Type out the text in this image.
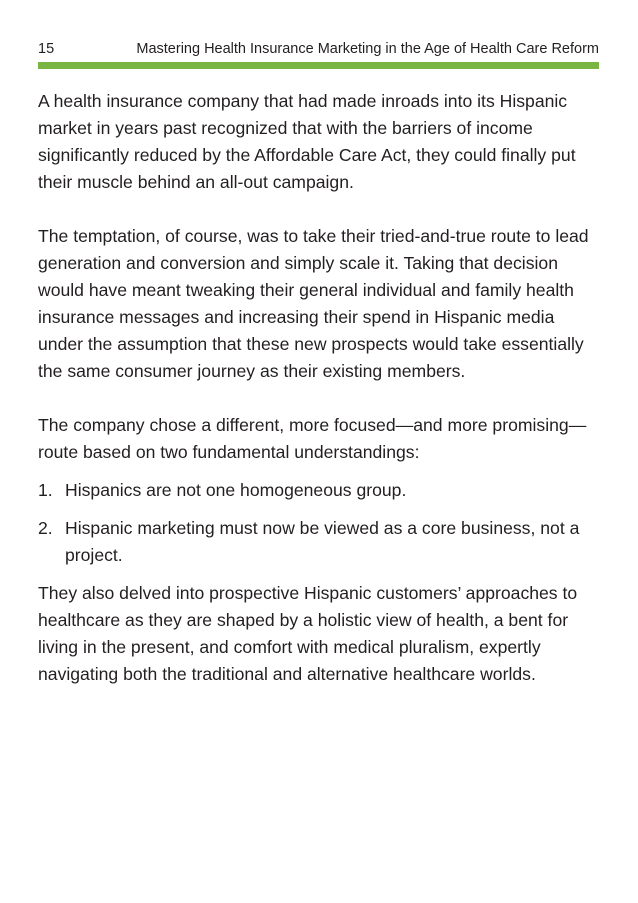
15	Mastering Health Insurance Marketing in the Age of Health Care Reform

A health insurance company that had made inroads into its Hispanic market in years past recognized that with the barriers of income significantly reduced by the Affordable Care Act, they could finally put their muscle behind an all-out campaign.

The temptation, of course, was to take their tried-and-true route to lead generation and conversion and simply scale it. Taking that decision would have meant tweaking their general individual and family health insurance messages and increasing their spend in Hispanic media under the assumption that these new prospects would take essentially the same consumer journey as their existing members.

The company chose a different, more focused—and more promising—route based on two fundamental understandings:

1. Hispanics are not one homogeneous group.
2. Hispanic marketing must now be viewed as a core business, not a project.

They also delved into prospective Hispanic customers’ approaches to healthcare as they are shaped by a holistic view of health, a bent for living in the present, and comfort with medical pluralism, expertly navigating both the traditional and alternative healthcare worlds.
